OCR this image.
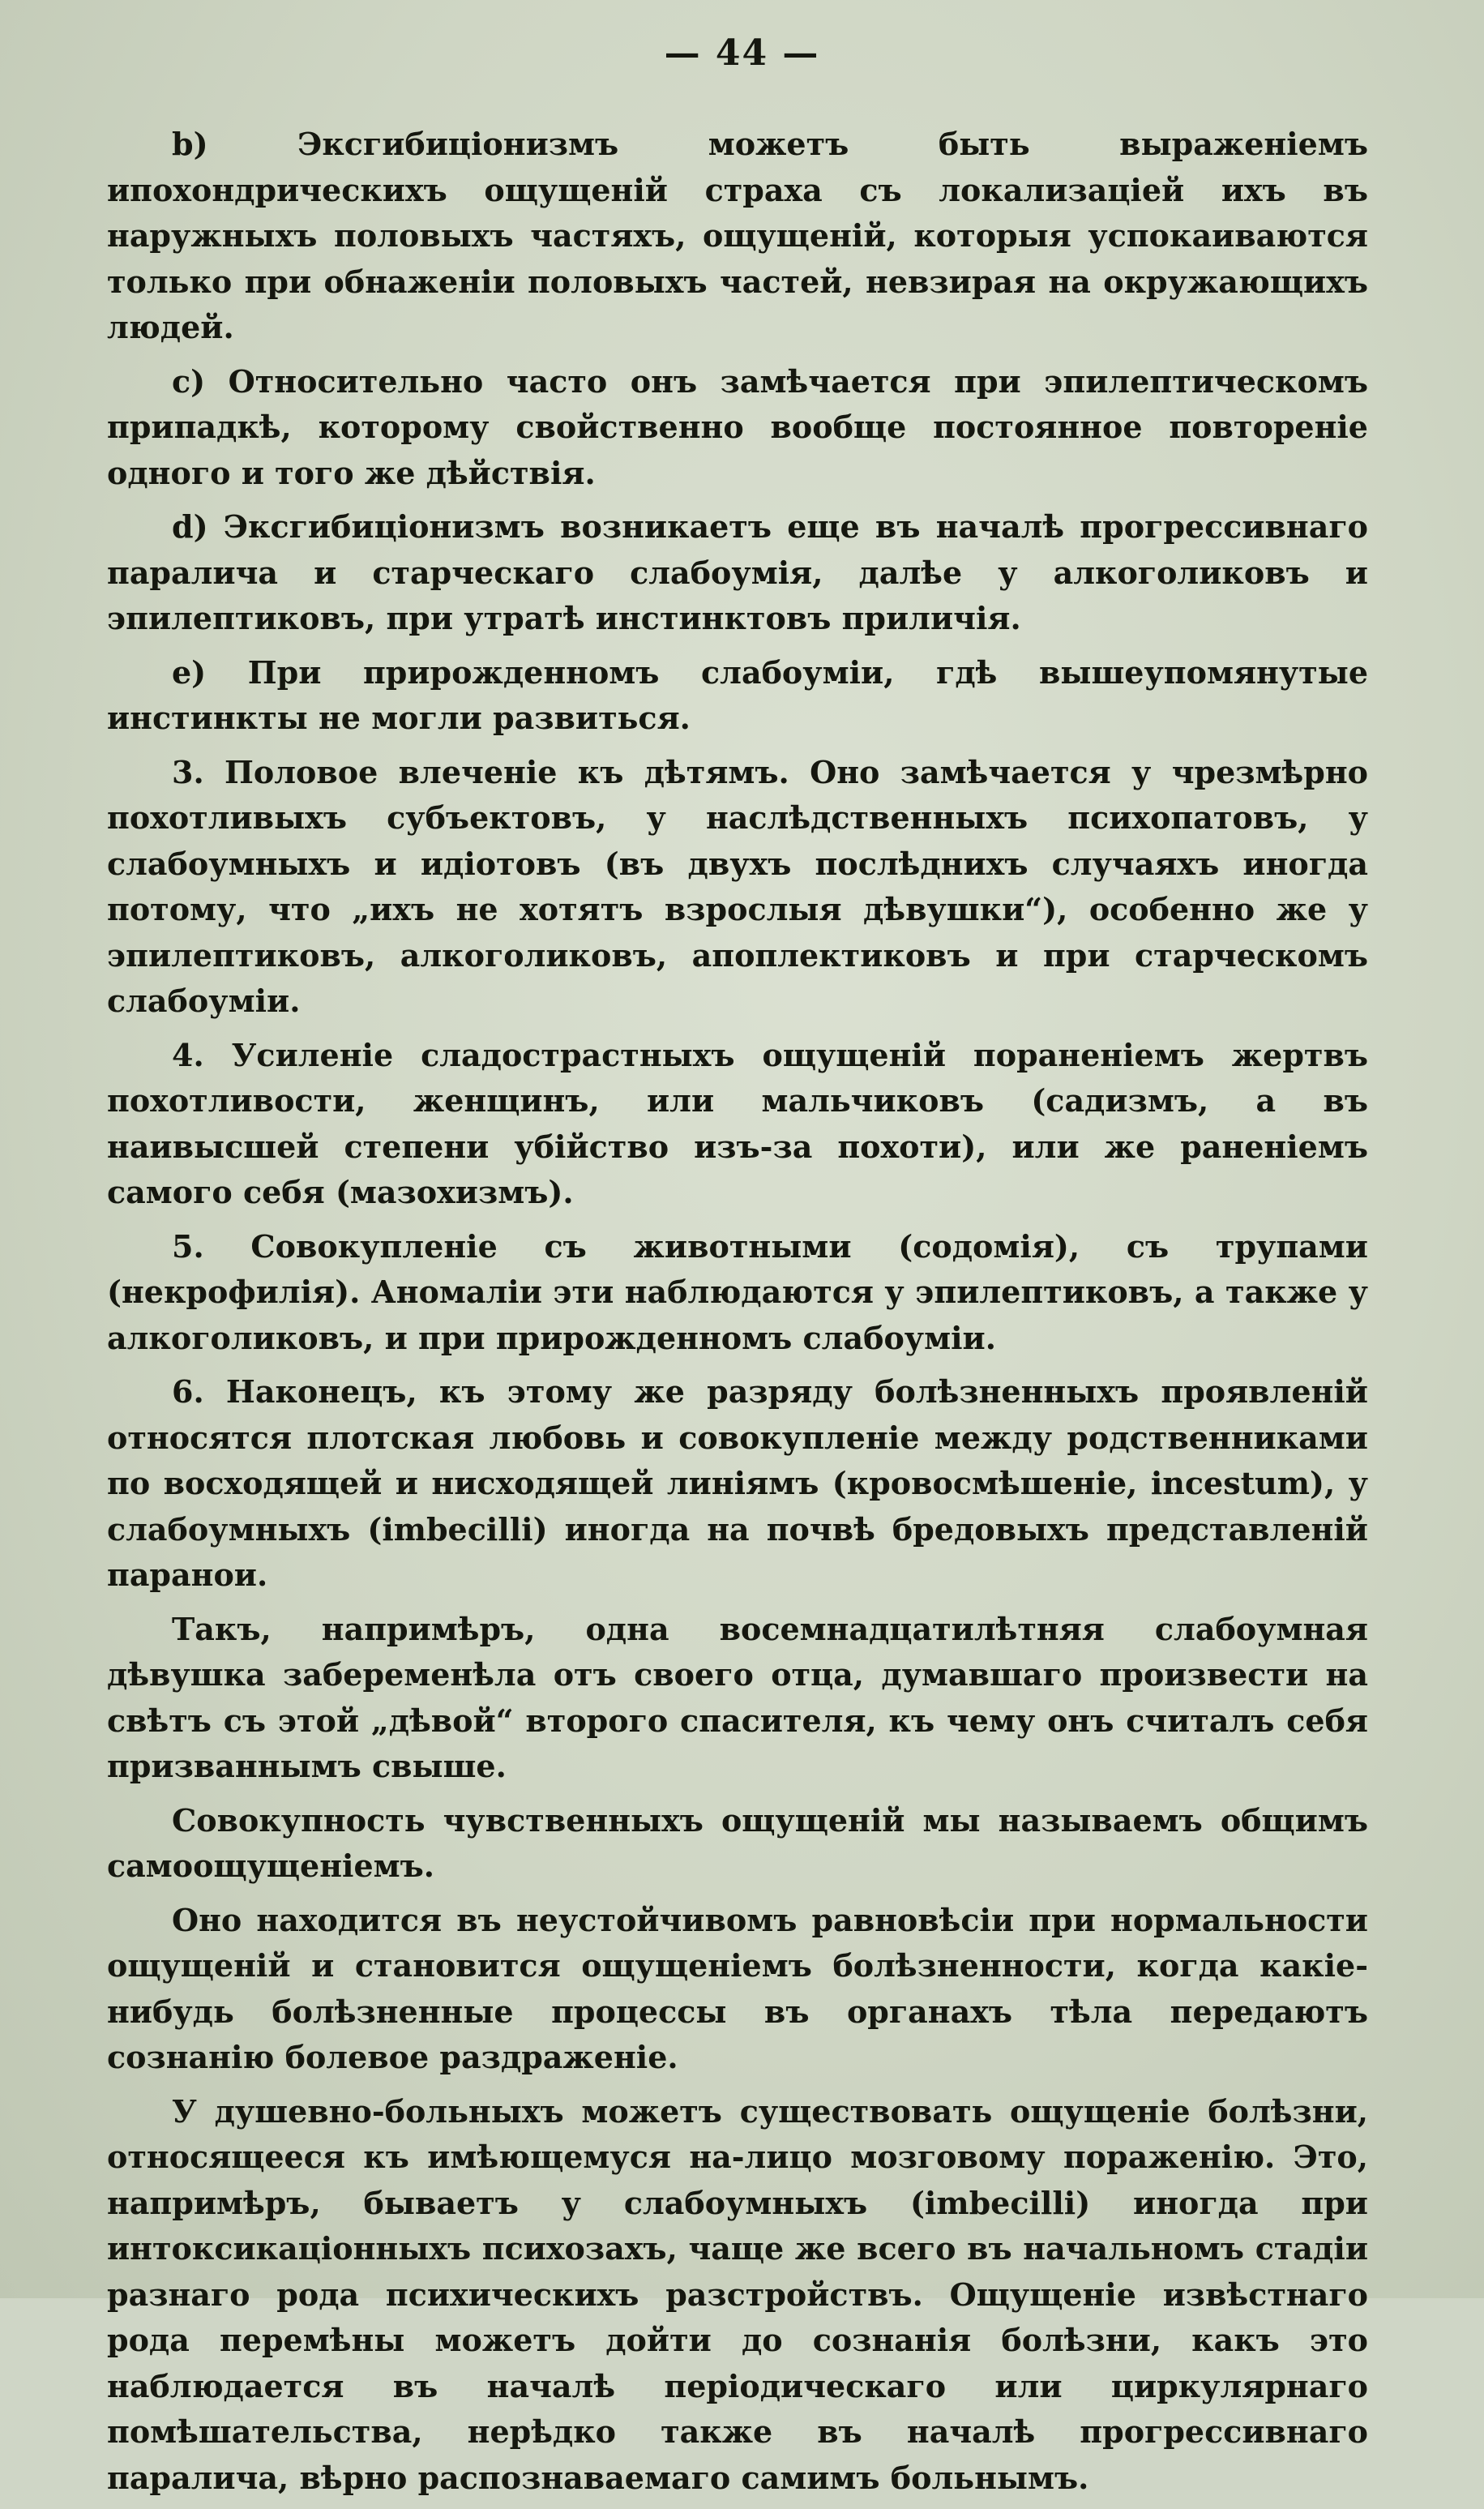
— 44 —

b) Эксгибиціонизмъ можетъ быть выраженіемъ ипохондрическихъ ощущеній страха съ локализаціей ихъ въ наружныхъ половыхъ частяхъ, ощущеній, которыя успокаиваются только при обнаженіи половыхъ частей, невзирая на окружающихъ людей.

c) Относительно часто онъ замѣчается при эпилептическомъ припадкѣ, которому свойственно вообще постоянное повтореніе одного и того же дѣйствія.

d) Эксгибиціонизмъ возникаетъ еще въ началѣ прогрессивнаго паралича и старческаго слабоумія, далѣе у алкоголиковъ и эпилептиковъ, при утратѣ инстинктовъ приличія.

e) При прирожденномъ слабоуміи, гдѣ вышеупомянутые инстинкты не могли развиться.

3. Половое влеченіе къ дѣтямъ. Оно замѣчается у чрезмѣрно похотливыхъ субъектовъ, у наслѣдственныхъ психопатовъ, у слабоумныхъ и идіотовъ (въ двухъ послѣднихъ случаяхъ иногда потому, что „ихъ не хотятъ взрослыя дѣвушки“), особенно же у эпилептиковъ, алкоголиковъ, апоплектиковъ и при старческомъ слабоуміи.

4. Усиленіе сладострастныхъ ощущеній пораненіемъ жертвъ похотливости, женщинъ, или мальчиковъ (садизмъ, а въ наивысшей степени убійство изъ-за похоти), или же раненіемъ самого себя (мазохизмъ).

5. Совокупленіе съ животными (содомія), съ трупами (некрофилія). Аномаліи эти наблюдаются у эпилептиковъ, а также у алкоголиковъ, и при прирожденномъ слабоуміи.

6. Наконецъ, къ этому же разряду болѣзненныхъ проявленій относятся плотская любовь и совокупленіе между родственниками по восходящей и нисходящей линіямъ (кровосмѣшеніе, incestum), у слабоумныхъ (imbecilli) иногда на почвѣ бредовыхъ представленій паранои.

Такъ, напримѣръ, одна восемнадцатилѣтняя слабоумная дѣвушка забеременѣла отъ своего отца, думавшаго произвести на свѣтъ съ этой „дѣвой“ второго спасителя, къ чему онъ считалъ себя призваннымъ свыше.

Совокупность чувственныхъ ощущеній мы называемъ общимъ самоощущеніемъ.

Оно находится въ неустойчивомъ равновѣсіи при нормальности ощущеній и становится ощущеніемъ болѣзненности, когда какіе-нибудь болѣзненные процессы въ органахъ тѣла передаютъ сознанію болевое раздраженіе.

У душевно-больныхъ можетъ существовать ощущеніе болѣзни, относящееся къ имѣющемуся на-лицо мозговому пораженію. Это, напримѣръ, бываетъ у слабоумныхъ (imbecilli) иногда при интоксикаціонныхъ психозахъ, чаще же всего въ начальномъ стадіи разнаго рода психическихъ разстройствъ. Ощущеніе извѣстнаго рода перемѣны можетъ дойти до сознанія болѣзни, какъ это наблюдается въ началѣ періодическаго или циркулярнаго помѣшательства, нерѣдко также въ началѣ прогрессивнаго паралича, вѣрно распознаваемаго самимъ больнымъ.
